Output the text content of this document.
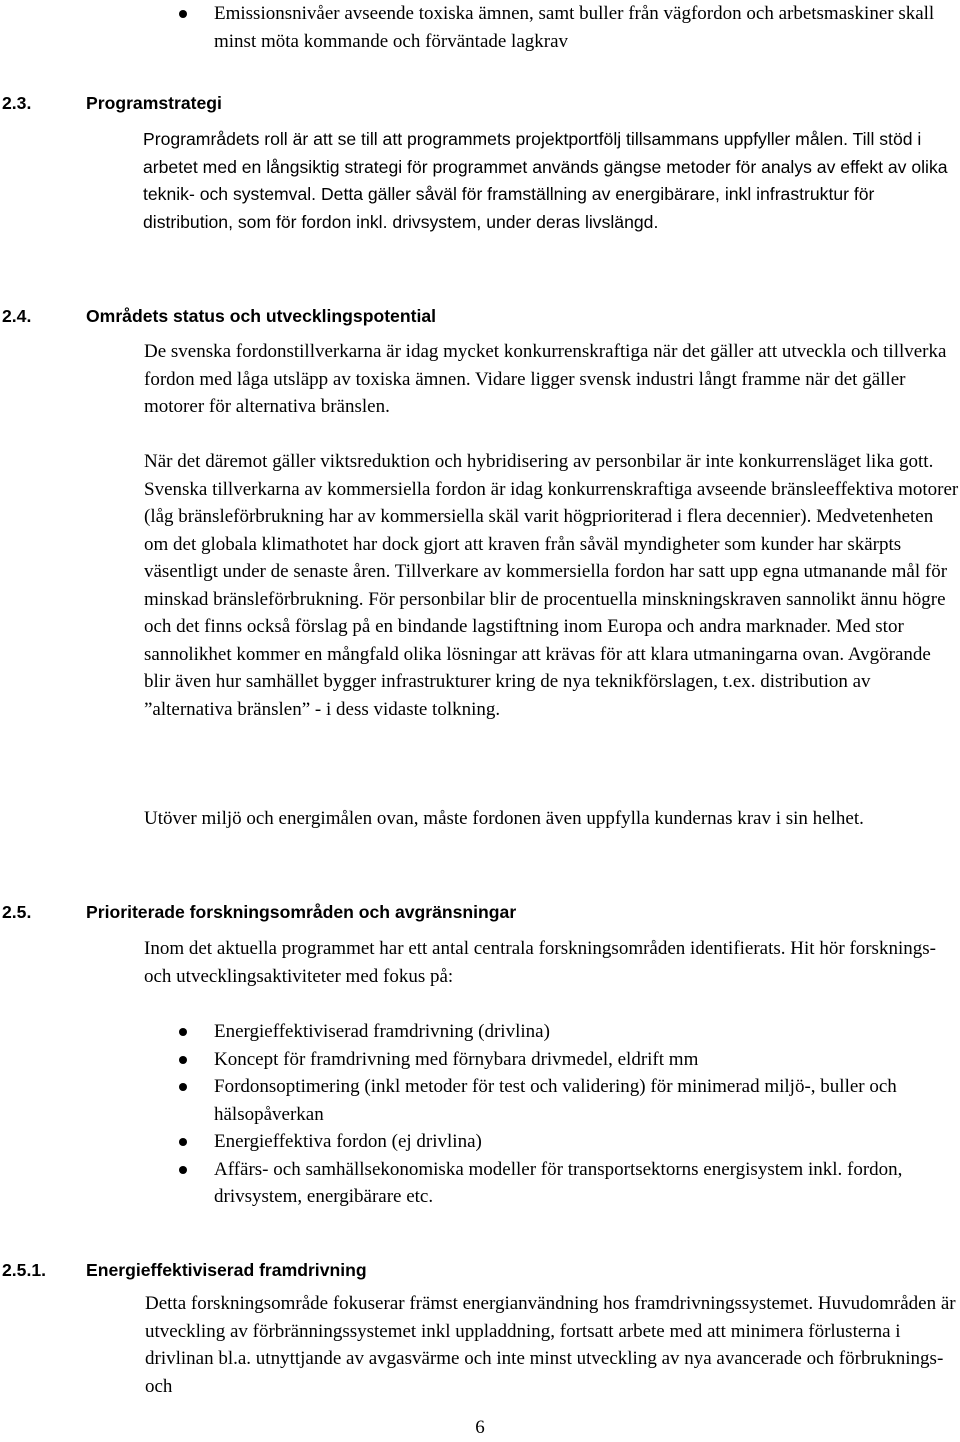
Emissionsnivåer avseende toxiska ämnen, samt buller från vägfordon och arbetsmaskiner skall minst möta kommande och förväntade lagkrav
2.3.	Programstrategi

Programrådets roll är att se till att programmets projektportfölj tillsammans uppfyller målen. Till stöd i arbetet med en långsiktig strategi för programmet används gängse metoder för analys av effekt av olika teknik- och systemval. Detta gäller såväl för framställning av energibärare, inkl infrastruktur för distribution, som för fordon inkl. drivsystem, under deras livslängd.

2.4.	Områdets status och utvecklingspotential

De svenska fordonstillverkarna är idag mycket konkurrenskraftiga när det gäller att utveckla och tillverka fordon med låga utsläpp av toxiska ämnen. Vidare ligger svensk industri långt framme när det gäller motorer för alternativa bränslen.

När det däremot gäller viktsreduktion och hybridisering av personbilar är inte konkurrensläget lika gott. Svenska tillverkarna av kommersiella fordon är idag konkurrenskraftiga avseende bränsleeffektiva motorer (låg bränsleförbrukning har av kommersiella skäl varit högprioriterad i flera decennier). Medvetenheten om det globala klimathotet har dock gjort att kraven från såväl myndigheter som kunder har skärpts väsentligt under de senaste åren. Tillverkare av kommersiella fordon har satt upp egna utmanande mål för minskad bränsleförbrukning. För personbilar blir de procentuella minskningskraven sannolikt ännu högre och det finns också förslag på en bindande lagstiftning inom Europa och andra marknader. Med stor sannolikhet kommer en mångfald olika lösningar att krävas för att klara utmaningarna ovan. Avgörande blir även hur samhället bygger infrastrukturer kring de nya teknikförslagen, t.ex. distribution av ”alternativa bränslen” - i dess vidaste tolkning.

Utöver miljö och energimålen ovan, måste fordonen även uppfylla kundernas krav i sin helhet.

2.5.	Prioriterade forskningsområden och avgränsningar

Inom det aktuella programmet har ett antal centrala forskningsområden identifierats. Hit hör forsknings- och utvecklingsaktiviteter med fokus på:

Energieffektiviserad framdrivning (drivlina)
Koncept för framdrivning med förnybara drivmedel, eldrift mm
Fordonsoptimering (inkl metoder för test och validering) för minimerad miljö-, buller och hälsopåverkan
Energieffektiva fordon (ej drivlina)
Affärs- och samhällsekonomiska modeller för transportsektorns energisystem inkl. fordon, drivsystem, energibärare etc.
2.5.1. Energieffektiviserad framdrivning

Detta forskningsområde fokuserar främst energianvändning hos framdrivningssystemet. Huvudområden är utveckling av förbränningssystemet inkl uppladdning, fortsatt arbete med att minimera förlusterna i drivlinan bl.a. utnyttjande av avgasvärme och inte minst utveckling av nya avancerade och förbruknings- och

6
